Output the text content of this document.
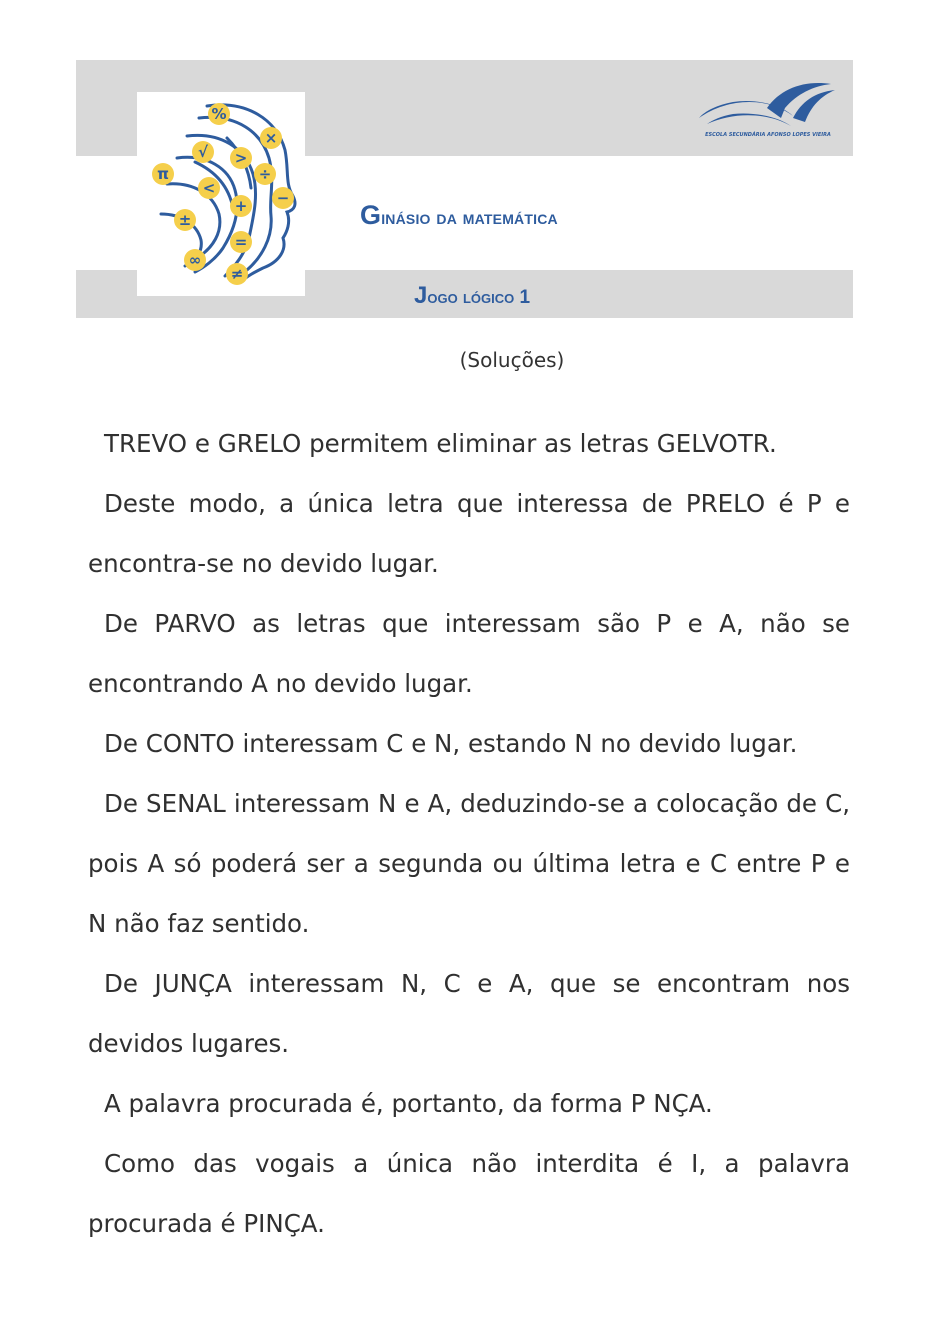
%
×
√ >
÷
π
<
+ −
±
=
∞
≠
ESCOLA SECUNDÁRIA AFONSO LOPES VIEIRA
Ginásio da matemática
Jogo lógico 1
(Soluções)

TREVO e GRELO permitem eliminar as letras GELVOTR.

Deste modo, a única letra que interessa de PRELO é P e encontra-se no devido lugar.

De PARVO as letras que interessam são P e A, não se encontrando A no devido lugar.

De CONTO interessam C e N, estando N no devido lugar.

De SENAL interessam N e A, deduzindo-se a colocação de C, pois A só poderá ser a segunda ou última letra e C entre P e N não faz sentido.

De JUNÇA interessam N, C e A, que se encontram nos devidos lugares.

A palavra procurada é, portanto, da forma P NÇA.

Como das vogais a única não interdita é I, a palavra procurada é PINÇA.
